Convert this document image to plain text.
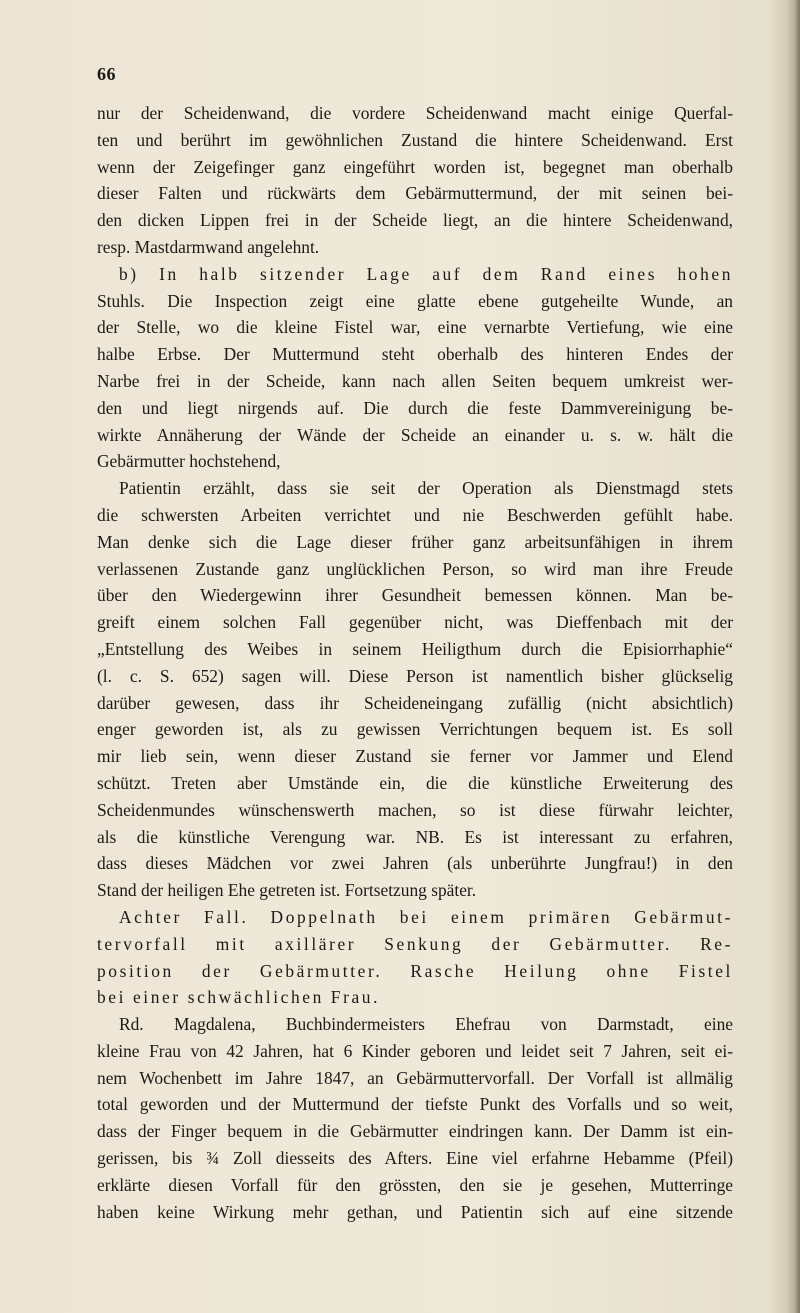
66
nur der Scheidenwand, die vordere Scheidenwand macht einige Querfal-
ten und berührt im gewöhnlichen Zustand die hintere Scheidenwand. Erst
wenn der Zeigefinger ganz eingeführt worden ist, begegnet man oberhalb
dieser Falten und rückwärts dem Gebärmuttermund, der mit seinen bei-
den dicken Lippen frei in der Scheide liegt, an die hintere Scheidenwand,
resp. Mastdarmwand angelehnt.
b) In halb sitzender Lage auf dem Rand eines hohen
Stuhls. Die Inspection zeigt eine glatte ebene gutgeheilte Wunde, an
der Stelle, wo die kleine Fistel war, eine vernarbte Vertiefung, wie eine
halbe Erbse. Der Muttermund steht oberhalb des hinteren Endes der
Narbe frei in der Scheide, kann nach allen Seiten bequem umkreist wer-
den und liegt nirgends auf. Die durch die feste Dammvereinigung be-
wirkte Annäherung der Wände der Scheide an einander u. s. w. hält die
Gebärmutter hochstehend,
Patientin erzählt, dass sie seit der Operation als Dienstmagd stets
die schwersten Arbeiten verrichtet und nie Beschwerden gefühlt habe.
Man denke sich die Lage dieser früher ganz arbeitsunfähigen in ihrem
verlassenen Zustande ganz unglücklichen Person, so wird man ihre Freude
über den Wiedergewinn ihrer Gesundheit bemessen können. Man be-
greift einem solchen Fall gegenüber nicht, was Dieffenbach mit der
„Entstellung des Weibes in seinem Heiligthum durch die Episiorrhaphie“
(l. c. S. 652) sagen will. Diese Person ist namentlich bisher glückselig
darüber gewesen, dass ihr Scheideneingang zufällig (nicht absichtlich)
enger geworden ist, als zu gewissen Verrichtungen bequem ist. Es soll
mir lieb sein, wenn dieser Zustand sie ferner vor Jammer und Elend
schützt. Treten aber Umstände ein, die die künstliche Erweiterung des
Scheidenmundes wünschenswerth machen, so ist diese fürwahr leichter,
als die künstliche Verengung war. NB. Es ist interessant zu erfahren,
dass dieses Mädchen vor zwei Jahren (als unberührte Jungfrau!) in den
Stand der heiligen Ehe getreten ist. Fortsetzung später.
Achter Fall. Doppelnath bei einem primären Gebärmut-
tervorfall mit axillärer Senkung der Gebärmutter. Re-
position der Gebärmutter. Rasche Heilung ohne Fistel
bei einer schwächlichen Frau.
Rd. Magdalena, Buchbindermeisters Ehefrau von Darmstadt, eine
kleine Frau von 42 Jahren, hat 6 Kinder geboren und leidet seit 7 Jahren, seit ei-
nem Wochenbett im Jahre 1847, an Gebärmuttervorfall. Der Vorfall ist allmälig
total geworden und der Muttermund der tiefste Punkt des Vorfalls und so weit,
dass der Finger bequem in die Gebärmutter eindringen kann. Der Damm ist ein-
gerissen, bis ¾ Zoll diesseits des Afters. Eine viel erfahrne Hebamme (Pfeil)
erklärte diesen Vorfall für den grössten, den sie je gesehen, Mutterringe
haben keine Wirkung mehr gethan, und Patientin sich auf eine sitzende
